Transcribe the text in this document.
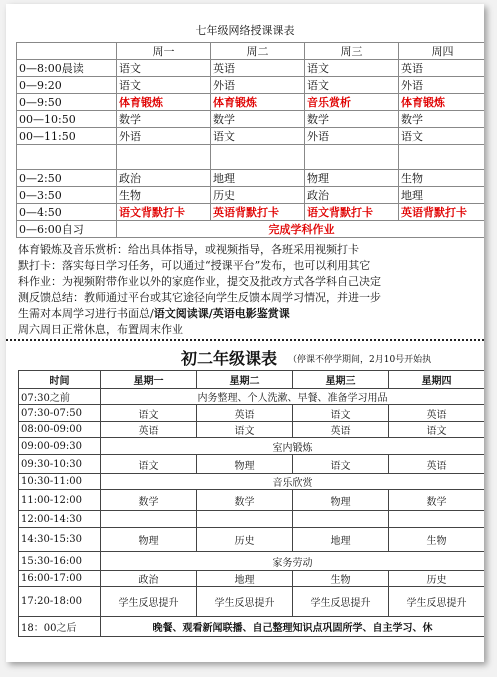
七年级网络授课课表
	周一	周二	周三	周四
0—8:00晨读	语文	英语	语文	英语
0—9:20	语文	外语	语文	外语
0—9:50	体育锻炼	体育锻炼	音乐赏析	体育锻炼
00—10:50	数学	数学	数学	数学
00—11:50	外语	语文	外语	语文

0—2:50	政治	地理	物理	生物
0—3:50	生物	历史	政治	地理
0—4:50	语文背默打卡	英语背默打卡	语文背默打卡	英语背默打卡
0—6:00自习	完成学科作业			
体育锻炼及音乐赏析：给出具体指导，或视频指导，各班采用视频打卡
默打卡：落实每日学习任务，可以通过“授课平台”发布，也可以利用其它
科作业：为视频附带作业以外的家庭作业，提交及批改方式各学科自己决定
测反馈总结：教师通过平台或其它途径向学生反馈本周学习情况，并进一步
生需对本周学习进行书面总/语文阅读课/英语电影鉴赏课
周六周日正常休息，布置周末作业
初二年级课表 （停课不停学期间，2月10号开始执
时间	星期一	星期二	星期三	星期四
07:30之前	内务整理、个人洗漱、早餐、准备学习用品			
07:30-07:50	语文	英语	语文	英语
08:00-09:00	英语	语文	英语	语文
09:00-09:30	室内锻炼			
09:30-10:30	语文	物理	语文	英语
10:30-11:00	音乐欣赏			
11:00-12:00	数学	数学	物理	数学
12:00-14:30				
14:30-15:30	物理	历史	地理	生物
15:30-16:00	家务劳动			
16:00-17:00	政治	地理	生物	历史
17:20-18:00	学生反思提升	学生反思提升	学生反思提升	学生反思提升
18：00之后	晚餐、观看新闻联播、自己整理知识点巩固所学、自主学习、休			
